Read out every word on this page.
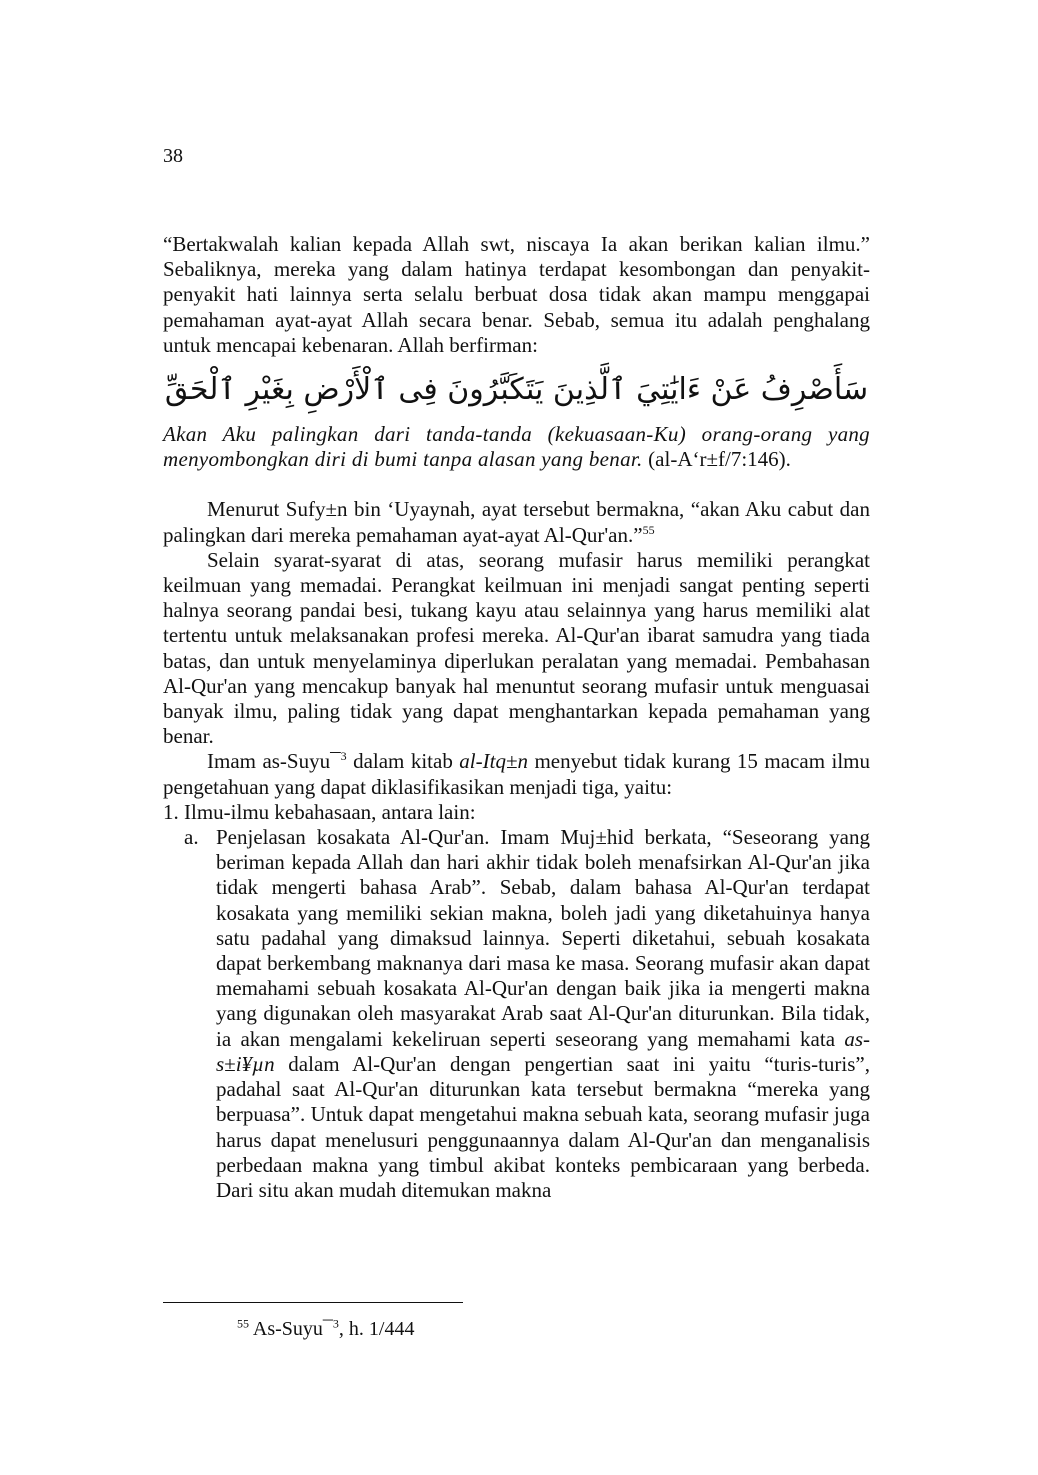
38

“Bertakwalah kalian kepada Allah swt, niscaya Ia akan berikan kalian ilmu.” Sebaliknya, mereka yang dalam hatinya terdapat kesombongan dan penyakit-penyakit hati lainnya serta selalu berbuat dosa tidak akan mampu menggapai pemahaman ayat-ayat Allah secara benar. Sebab, semua itu adalah penghalang untuk mencapai kebenaran. Allah berfirman:

سَأَصْرِفُ عَنْ ءَايَٰتِيَ ٱلَّذِينَ يَتَكَبَّرُونَ فِى ٱلْأَرْضِ بِغَيْرِ ٱلْحَقِّ

Akan Aku palingkan dari tanda-tanda (kekuasaan-Ku) orang-orang yang menyombongkan diri di bumi tanpa alasan yang benar. (al-A‘r±f/7:146).

Menurut Sufy±n bin ‘Uyaynah, ayat tersebut bermakna, “akan Aku cabut dan palingkan dari mereka pemahaman ayat-ayat Al-Qur'an.”$^{55}$

Selain syarat-syarat di atas, seorang mufasir harus memiliki perangkat keilmuan yang memadai. Perangkat keilmuan ini menjadi sangat penting seperti halnya seorang pandai besi, tukang kayu atau selainnya yang harus memiliki alat tertentu untuk melaksanakan profesi mereka. Al-Qur'an ibarat samudra yang tiada batas, dan untuk menyelaminya diperlukan peralatan yang memadai. Pembahasan Al-Qur'an yang mencakup banyak hal menuntut seorang mufasir untuk menguasai banyak ilmu, paling tidak yang dapat menghantarkan kepada pemahaman yang benar.

Imam as-Suyu¯$^3$ dalam kitab al-Itq±n menyebut tidak kurang 15 macam ilmu pengetahuan yang dapat diklasifikasikan menjadi tiga, yaitu:

1. Ilmu-ilmu kebahasaan, antara lain:

a. Penjelasan kosakata Al-Qur'an. Imam Muj±hid berkata, “Seseorang yang beriman kepada Allah dan hari akhir tidak boleh menafsirkan Al-Qur'an jika tidak mengerti bahasa Arab”. Sebab, dalam bahasa Al-Qur'an terdapat kosakata yang memiliki sekian makna, boleh jadi yang diketahuinya hanya satu padahal yang dimaksud lainnya. Seperti diketahui, sebuah kosakata dapat berkembang maknanya dari masa ke masa. Seorang mufasir akan dapat memahami sebuah kosakata Al-Qur'an dengan baik jika ia mengerti makna yang digunakan oleh masyarakat Arab saat Al-Qur'an diturunkan. Bila tidak, ia akan mengalami kekeliruan seperti seseorang yang memahami kata as-s±i¥µn dalam Al-Qur'an dengan pengertian saat ini yaitu “turis-turis”, padahal saat Al-Qur'an diturunkan kata tersebut bermakna “mereka yang berpuasa”. Untuk dapat mengetahui makna sebuah kata, seorang mufasir juga harus dapat menelusuri penggunaannya dalam Al-Qur'an dan menganalisis perbedaan makna yang timbul akibat konteks pembicaraan yang berbeda. Dari situ akan mudah ditemukan makna
$^{55}$ As-Suyu¯$^3$, h. 1/444
